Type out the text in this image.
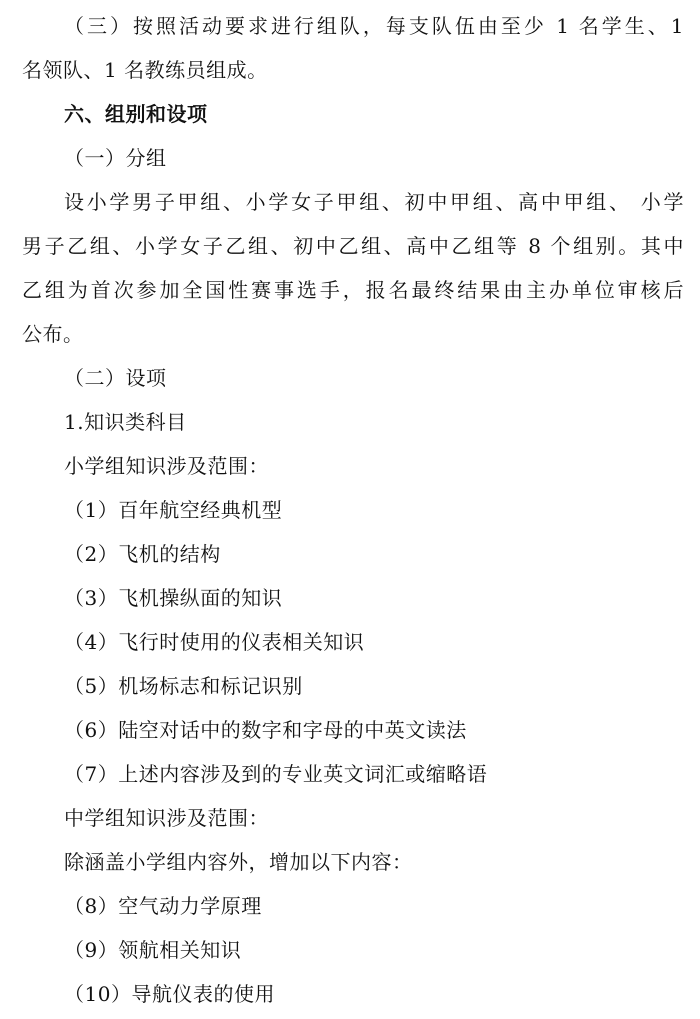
（三）按照活动要求进行组队，每支队伍由至少 1 名学生、1
名领队、1 名教练员组成。
六、组别和设项
（一）分组
设小学男子甲组、小学女子甲组、初中甲组、高中甲组、 小学
男子乙组、小学女子乙组、初中乙组、高中乙组等 8 个组别。其中
乙组为首次参加全国性赛事选手，报名最终结果由主办单位审核后
公布。
（二）设项
1.知识类科目
小学组知识涉及范围：
（1）百年航空经典机型
（2）飞机的结构
（3）飞机操纵面的知识
（4）飞行时使用的仪表相关知识
（5）机场标志和标记识别
（6）陆空对话中的数字和字母的中英文读法
（7）上述内容涉及到的专业英文词汇或缩略语
中学组知识涉及范围：
除涵盖小学组内容外，增加以下内容：
（8）空气动力学原理
（9）领航相关知识
（10）导航仪表的使用
